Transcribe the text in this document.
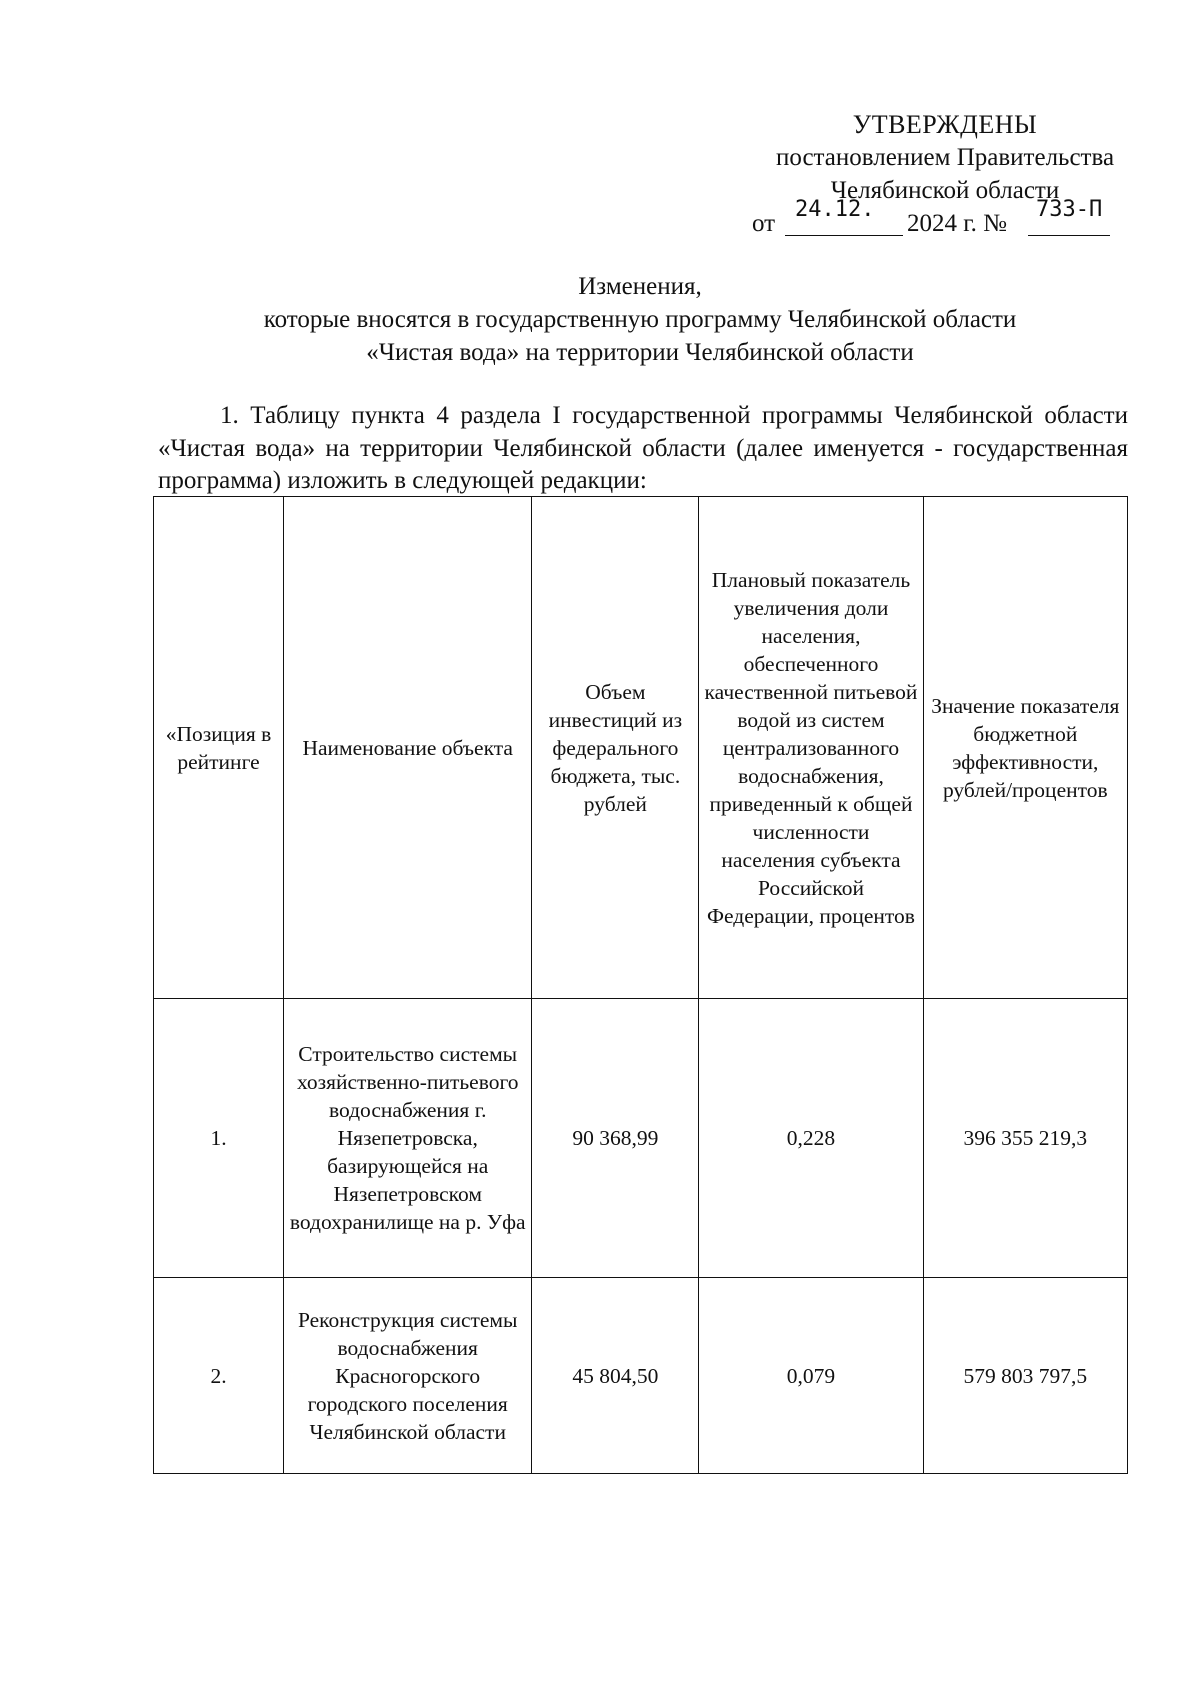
УТВЕРЖДЕНЫ
постановлением Правительства
Челябинской области
от
24.12.
2024 г. №
733-П
Изменения,
которые вносятся в государственную программу Челябинской области
«Чистая вода» на территории Челябинской области
1. Таблицу пункта 4 раздела I государственной программы Челябинской области «Чистая вода» на территории Челябинской области (далее именуется - государственная программа) изложить в следующей редакции:
«Позиция в рейтинге	Наименование объекта	Объем инвестиций из федерального бюджета, тыс. рублей	Плановый показатель увеличения доли населения, обеспеченного качественной питьевой водой из систем централизованного водоснабжения, приведенный к общей численности населения субъекта Российской Федерации, процентов	Значение показателя бюджетной эффективности, рублей/процентов
1.	Строительство системы хозяйственно-питьевого водоснабжения г. Нязепетровска, базирующейся на Нязепетровском водохранилище на р. Уфа	90 368,99	0,228	396 355 219,3
2.	Реконструкция системы водоснабжения Красногорского городского поселения Челябинской области	45 804,50	0,079	579 803 797,5
